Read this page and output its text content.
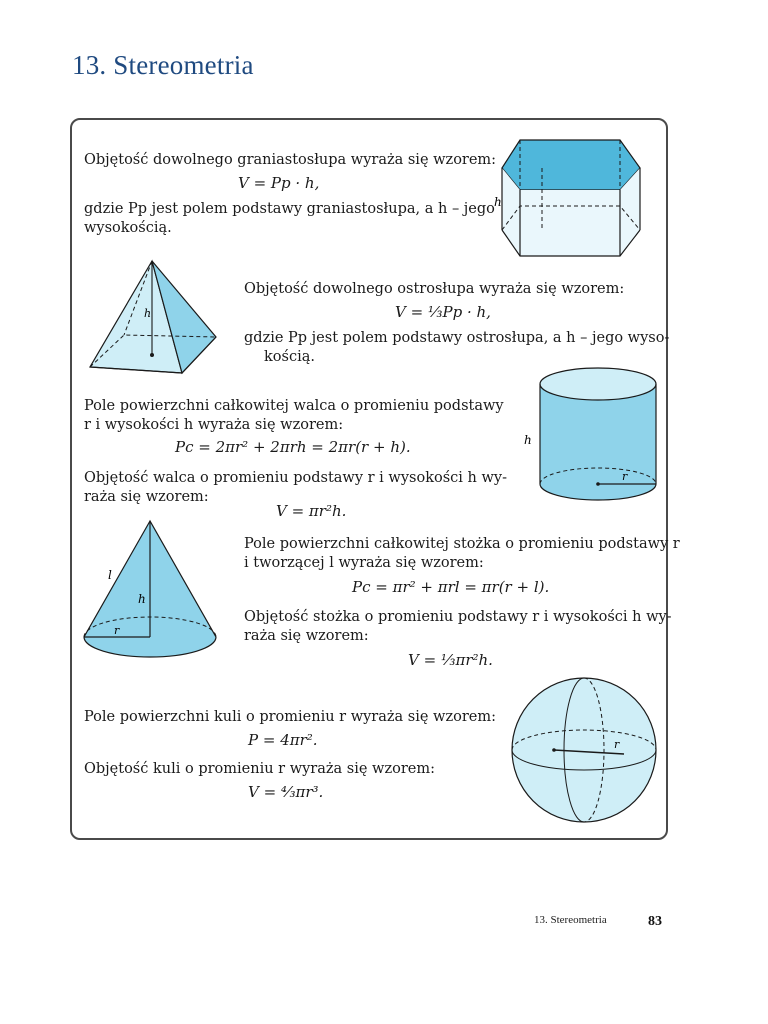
13. Stereometria
Objętość dowolnego graniastosłupa wyraża się wzorem:
V = Pp · h,
gdzie Pp jest polem podstawy graniastosłupa, a h – jego
wysokością.
h
h
Objętość dowolnego ostrosłupa wyraża się wzorem:
V = ⅓Pp · h,
gdzie Pp jest polem podstawy ostrosłupa, a h – jego wyso-
kością.
Pole powierzchni całkowitej walca o promieniu podstawy
r i wysokości h wyraża się wzorem:
Pc = 2πr² + 2πrh = 2πr(r + h).
Objętość walca o promieniu podstawy r i wysokości h wy-
raża się wzorem:
V = πr²h.
h
r
l
h
r
Pole powierzchni całkowitej stożka o promieniu podstawy r
i tworzącej l wyraża się wzorem:
Pc = πr² + πrl = πr(r + l).
Objętość stożka o promieniu podstawy r i wysokości h wy-
raża się wzorem:
V = ⅓πr²h.
Pole powierzchni kuli o promieniu r wyraża się wzorem:
P = 4πr².
Objętość kuli o promieniu r wyraża się wzorem:
V = ⁴⁄₃πr³.
r
13. Stereometria	83
